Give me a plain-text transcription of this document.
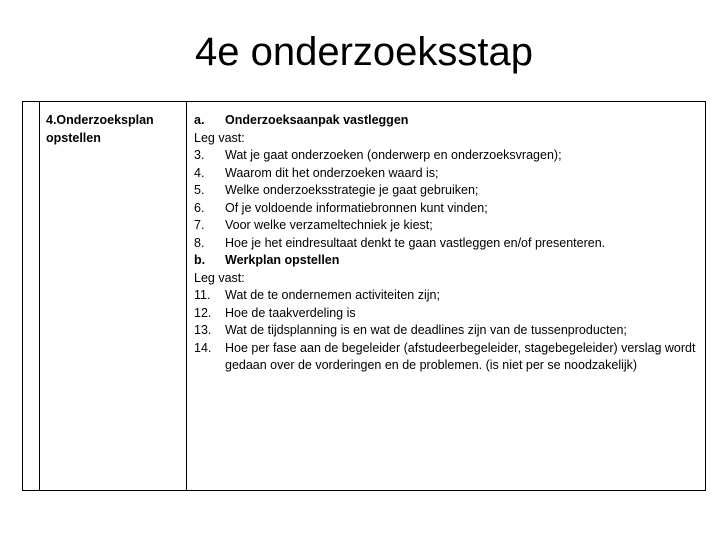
4e onderzoeksstap
4.Onderzoeksplan
opstellen
a.	Onderzoeksaanpak vastleggen
Leg vast:
3.	Wat je gaat onderzoeken (onderwerp en onderzoeksvragen);
4.	Waarom dit het onderzoeken waard is;
5.	Welke onderzoeksstrategie je gaat gebruiken;
6.	Of je voldoende informatiebronnen kunt vinden;
7.	Voor welke verzameltechniek je kiest;
8.	Hoe je het eindresultaat denkt te gaan vastleggen en/of presenteren.
b.	Werkplan opstellen
Leg vast:
11.	Wat de te ondernemen activiteiten zijn;
12.	Hoe de taakverdeling is
13.	Wat de tijdsplanning is en wat de deadlines zijn van de tussenproducten;
14.	Hoe per fase aan de begeleider (afstudeerbegeleider, stagebegeleider) verslag wordt gedaan over de vorderingen en de problemen. (is niet per se noodzakelijk)
